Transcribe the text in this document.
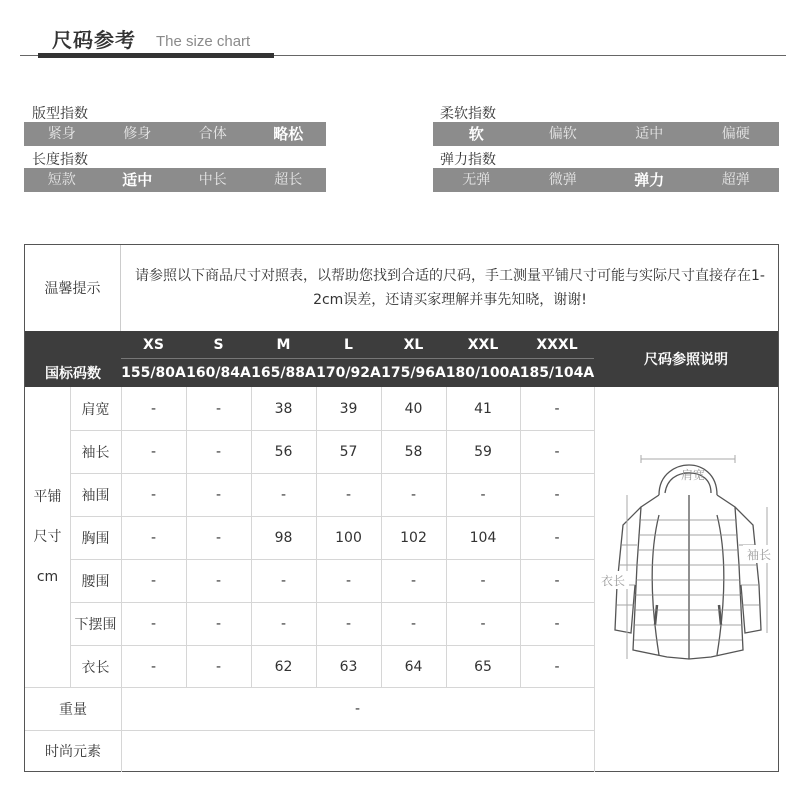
尺码参考 The size chart
版型指数
紧身	修身	合体	略松
长度指数
短款	适中	中长	超长
柔软指数
软	偏软	适中	偏硬
弹力指数
无弹	微弹	弹力	超弹
温馨提示
请参照以下商品尺寸对照表，以帮助您找到合适的尺码，手工测量平铺尺寸可能与实际尺寸直接存在1-2cm误差，还请买家理解并事先知晓，谢谢!
XS	S	M	L	XL	XXL	XXXL
国标码数	155/80A 160/84A 165/88A 170/92A 175/96A 180/100A 185/104A
尺码参照说明
平铺
尺寸
cm
肩宽	-	-	38	39	40	41	-
袖长	-	-	56	57	58	59	-
袖围	-	-	-	-	-	-	-
胸围	-	-	98	100	102	104	-
腰围	-	-	-	-	-	-	-
下摆围	-	-	-	-	-	-	-
衣长	-	-	62	63	64	65	-
重量	-
时尚元素
肩宽
袖长
衣长
